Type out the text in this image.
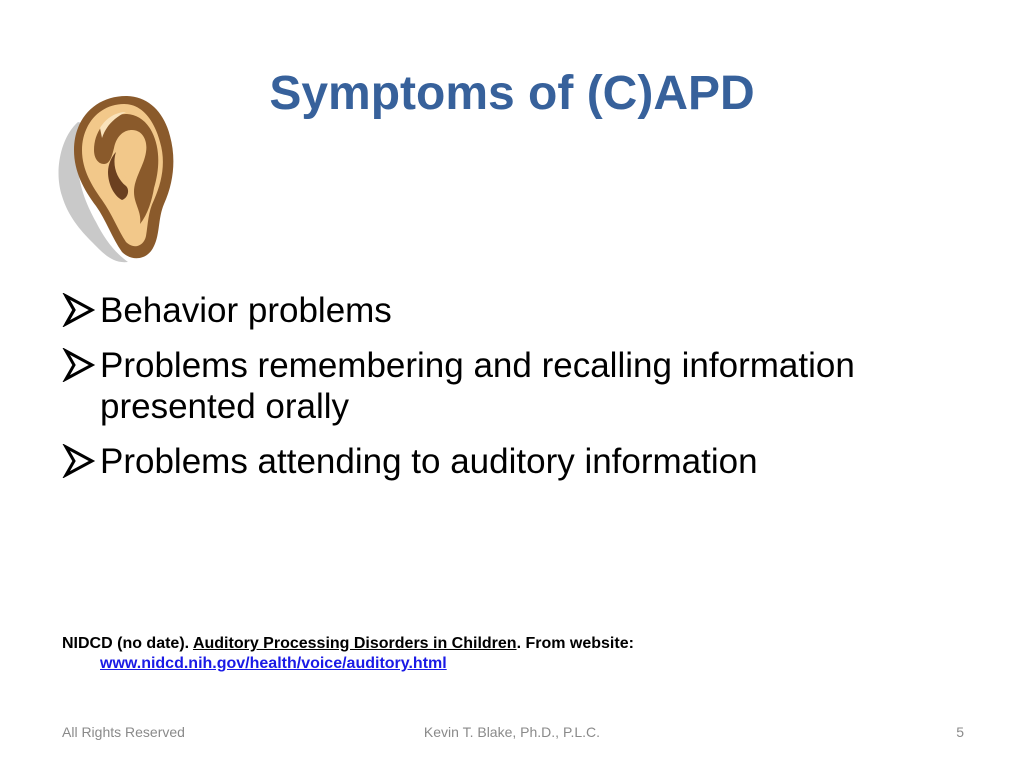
Symptoms of (C)APD
Behavior problems
Problems remembering and recalling information presented orally
Problems attending to auditory information
NIDCD (no date). Auditory Processing Disorders in Children. From website:
www.nidcd.nih.gov/health/voice/auditory.html
All Rights Reserved	Kevin T. Blake, Ph.D., P.L.C.	5
